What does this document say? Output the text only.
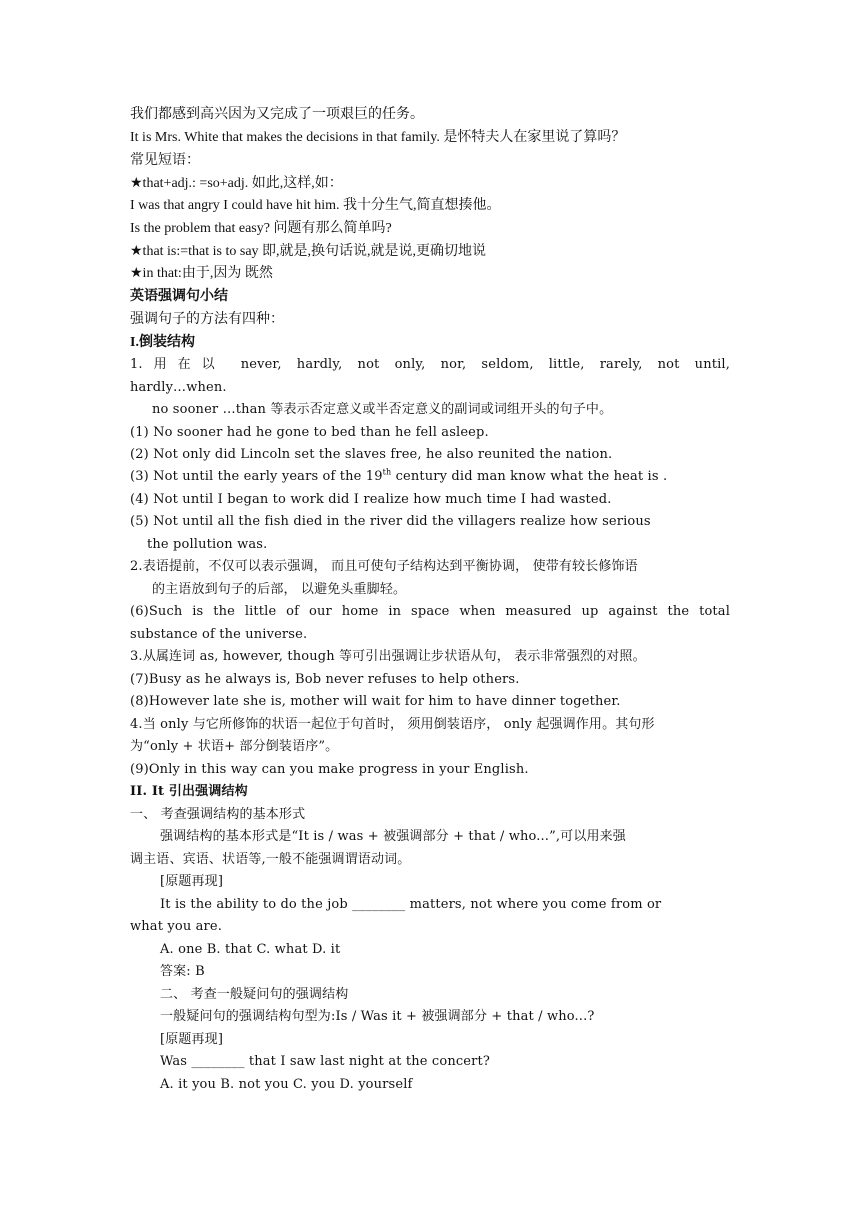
我们都感到高兴因为又完成了一项艰巨的任务。
It is Mrs. White that makes the decisions in that family. 是怀特夫人在家里说了算吗？
常见短语：
★that+adj.: =so+adj. 如此,这样,如：
I was that angry I could have hit him. 我十分生气,简直想揍他。
Is the problem that easy? 问题有那么简单吗?
★that is:=that is to say 即,就是,换句话说,就是说,更确切地说
★in that:由于,因为 既然
英语强调句小结
强调句子的方法有四种：
I.倒装结构
1.用在以 never, hardly, not only, nor, seldom, little, rarely, not until,
hardly…when.
no sooner …than 等表示否定意义或半否定意义的副词或词组开头的句子中。
(1) No sooner had he gone to bed than he fell asleep.
(2) Not only did Lincoln set the slaves free, he also reunited the nation.
(3) Not until the early years of the 19th century did man know what the heat is .
(4) Not until I began to work did I realize how much time I had wasted.
(5) Not until all the fish died in the river did the villagers realize how serious
the pollution was.
2.表语提前，不仅可以表示强调， 而且可使句子结构达到平衡协调， 使带有较长修饰语
的主语放到句子的后部， 以避免头重脚轻。
(6)Such is the little of our home in space when measured up against the total
substance of the universe.
3.从属连词 as, however, though 等可引出强调让步状语从句， 表示非常强烈的对照。
(7)Busy as he always is, Bob never refuses to help others.
(8)However late she is, mother will wait for him to have dinner together.
4.当 only 与它所修饰的状语一起位于句首时， 须用倒装语序， only 起强调作用。其句形
为“only + 状语+ 部分倒装语序”。
(9)Only in this way can you make progress in your English.
II. It 引出强调结构
一、 考查强调结构的基本形式
强调结构的基本形式是“It is / was + 被强调部分 + that / who...”,可以用来强
调主语、宾语、状语等,一般不能强调谓语动词。
[原题再现]
It is the ability to do the job ________ matters, not where you come from or
what you are.
A. one B. that C. what D. it
答案: B
二、 考查一般疑问句的强调结构
一般疑问句的强调结构句型为:Is / Was it + 被强调部分 + that / who...?
[原题再现]
Was ________ that I saw last night at the concert?
A. it you B. not you C. you D. yourself
